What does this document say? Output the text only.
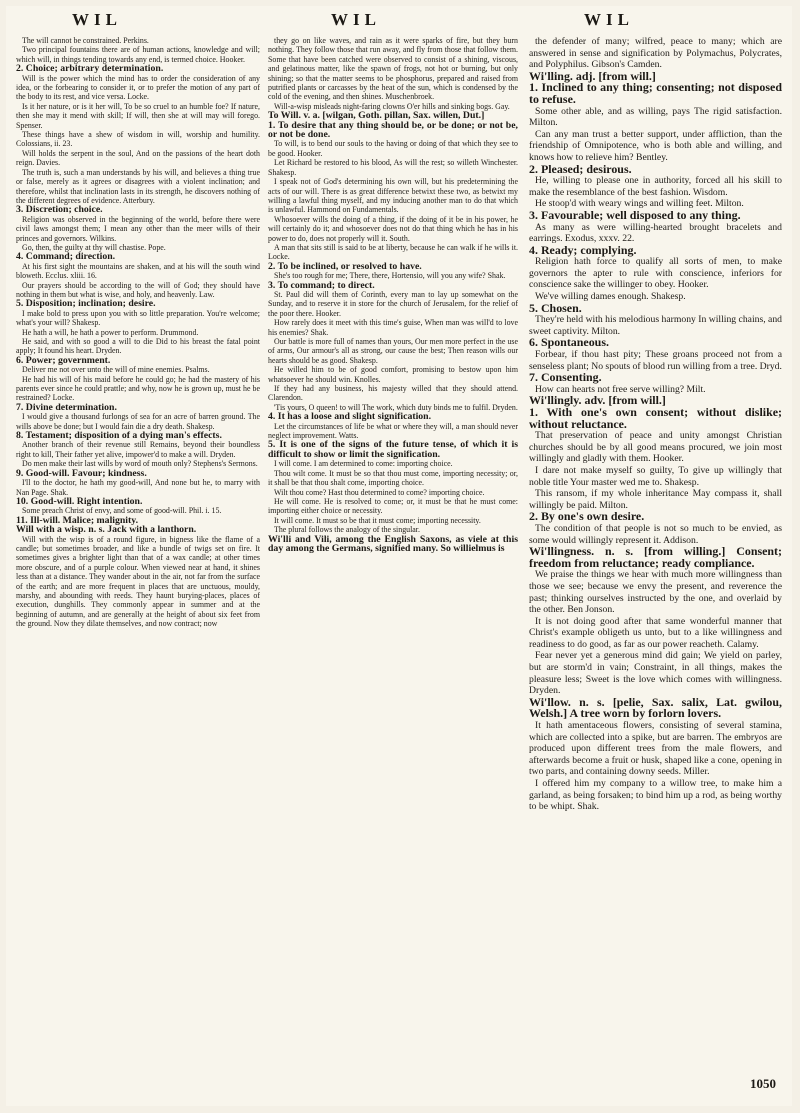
WIL	WIL	WIL

The will cannot be constrained. Perkins.

Two principal fountains there are of human actions, knowledge and will; which will, in things tending towards any end, is termed choice. Hooker.

2. Choice; arbitrary determination.

Will is the power which the mind has to order the consideration of any idea, or the forbearing to consider it, or to prefer the motion of any part of the body to its rest, and vice versa. Locke.

Is it her nature, or is it her will, To be so cruel to an humble foe? If nature, then she may it mend with skill; If will, then she at will may will forego. Spenser.

These things have a shew of wisdom in will, worship and humility. Colossians, ii. 23.

Will holds the serpent in the soul, And on the passions of the heart doth reign. Davies.

The truth is, such a man understands by his will, and believes a thing true or false, merely as it agrees or disagrees with a violent inclination; and therefore, whilst that inclination lasts in its strength, he discovers nothing of the different degrees of evidence. Atterbury.

3. Discretion; choice.

Religion was observed in the beginning of the world, before there were civil laws amongst them; I mean any other than the meer wills of their princes and governors. Wilkins.

Go, then, the guilty at thy will chastise. Pope.

4. Command; direction.

At his first sight the mountains are shaken, and at his will the south wind bloweth. Ecclus. xliii. 16.

Our prayers should be according to the will of God; they should have nothing in them but what is wise, and holy, and heavenly. Law.

5. Disposition; inclination; desire.

I make bold to press upon you with so little preparation. You're welcome; what's your will? Shakesp.

He hath a will, he hath a power to perform. Drummond.

He said, and with so good a will to die Did to his breast the fatal point apply; It found his heart. Dryden.

6. Power; government.

Deliver me not over unto the will of mine enemies. Psalms.

He had his will of his maid before he could go; he had the mastery of his parents ever since he could prattle; and why, now he is grown up, must he be restrained? Locke.

7. Divine determination.

I would give a thousand furlongs of sea for an acre of barren ground. The wills above be done; but I would fain die a dry death. Shakesp.

8. Testament; disposition of a dying man's effects.

Another branch of their revenue still Remains, beyond their boundless right to kill, Their father yet alive, impower'd to make a will. Dryden.

Do men make their last wills by word of mouth only? Stephens's Sermons.

9. Good-will. Favour; kindness.

I'll to the doctor, he hath my good-will, And none but he, to marry with Nan Page. Shak.

10. Good-will. Right intention.

Some preach Christ of envy, and some of good-will. Phil. i. 15.

11. Ill-will. Malice; malignity.

Will with a wisp. n. s. Jack with a lanthorn.

Will with the wisp is of a round figure, in bigness like the flame of a candle; but sometimes broader, and like a bundle of twigs set on fire. It sometimes gives a brighter light than that of a wax candle; at other times more obscure, and of a purple colour. When viewed near at hand, it shines less than at a distance. They wander about in the air, not far from the surface of the earth; and are more frequent in places that are unctuous, mouldy, marshy, and abounding with reeds. They haunt burying-places, places of execution, dunghills. They commonly appear in summer and at the beginning of autumn, and are generally at the height of about six feet from the ground. Now they dilate themselves, and now contract; now

they go on like waves, and rain as it were sparks of fire, but they burn nothing. They follow those that run away, and fly from those that follow them. Some that have been catched were observed to consist of a shining, viscous, and gelatinous matter, like the spawn of frogs, not hot or burning, but only shining; so that the matter seems to be phosphorus, prepared and raised from putrified plants or carcasses by the heat of the sun, which is condensed by the cold of the evening, and then shines. Muschenbroek.

Will-a-wisp misleads night-faring clowns O'er hills and sinking bogs. Gay.

To Will. v. a. [wilgan, Goth. pillan, Sax. willen, Dut.]

1. To desire that any thing should be, or be done; or not be, or not be done.

To will, is to bend our souls to the having or doing of that which they see to be good. Hooker.

Let Richard be restored to his blood, As will the rest; so willeth Winchester. Shakesp.

I speak not of God's determining his own will, but his predetermining the acts of our will. There is as great difference betwixt these two, as betwixt my willing a lawful thing myself, and my inducing another man to do that which is unlawful. Hammond on Fundamentals.

Whosoever wills the doing of a thing, if the doing of it be in his power, he will certainly do it; and whosoever does not do that thing which he has in his power to do, does not properly will it. South.

A man that sits still is said to be at liberty, because he can walk if he wills it. Locke.

2. To be inclined, or resolved to have.

She's too rough for me; There, there, Hortensio, will you any wife? Shak.

3. To command; to direct.

St. Paul did will them of Corinth, every man to lay up somewhat on the Sunday, and to reserve it in store for the church of Jerusalem, for the relief of the poor there. Hooker.

How rarely does it meet with this time's guise, When man was will'd to love his enemies? Shak.

Our battle is more full of names than yours, Our men more perfect in the use of arms, Our armour's all as strong, our cause the best; Then reason wills our hearts should be as good. Shakesp.

He willed him to be of good comfort, promising to bestow upon him whatsoever he should win. Knolles.

If they had any business, his majesty willed that they should attend. Clarendon.

'Tis yours, O queen! to will The work, which duty binds me to fulfil. Dryden.

4. It has a loose and slight signification.

Let the circumstances of life be what or where they will, a man should never neglect improvement. Watts.

5. It is one of the signs of the future tense, of which it is difficult to show or limit the signification.

I will come. I am determined to come: importing choice.

Thou wilt come. It must be so that thou must come, importing necessity; or, it shall be that thou shalt come, importing choice.

Wilt thou come? Hast thou determined to come? importing choice.

He will come. He is resolved to come; or, it must be that he must come: importing either choice or necessity.

It will come. It must so be that it must come; importing necessity.

The plural follows the analogy of the singular.

Wi'lli and Vili, among the English Saxons, as viele at this day among the Germans, signified many. So willielmus is

the defender of many; wilfred, peace to many; which are answered in sense and signification by Polymachus, Polycrates, and Polyphilus. Gibson's Camden.

Wi'lling. adj. [from will.]

1. Inclined to any thing; consenting; not disposed to refuse.

Some other able, and as willing, pays The rigid satisfaction. Milton.

Can any man trust a better support, under affliction, than the friendship of Omnipotence, who is both able and willing, and knows how to relieve him? Bentley.

2. Pleased; desirous.

He, willing to please one in authority, forced all his skill to make the resemblance of the best fashion. Wisdom.

He stoop'd with weary wings and willing feet. Milton.

3. Favourable; well disposed to any thing.

As many as were willing-hearted brought bracelets and earrings. Exodus, xxxv. 22.

4. Ready; complying.

Religion hath force to qualify all sorts of men, to make governors the apter to rule with conscience, inferiors for conscience sake the willinger to obey. Hooker.

We've willing dames enough. Shakesp.

5. Chosen.

They're held with his melodious harmony In willing chains, and sweet captivity. Milton.

6. Spontaneous.

Forbear, if thou hast pity; These groans proceed not from a senseless plant; No spouts of blood run willing from a tree. Dryd.

7. Consenting.

How can hearts not free serve willing? Milt.

Wi'llingly. adv. [from will.]

1. With one's own consent; without dislike; without reluctance.

That preservation of peace and unity amongst Christian churches should be by all good means procured, we join most willingly and gladly with them. Hooker.

I dare not make myself so guilty, To give up willingly that noble title Your master wed me to. Shakesp.

This ransom, if my whole inheritance May compass it, shall willingly be paid. Milton.

2. By one's own desire.

The condition of that people is not so much to be envied, as some would willingly represent it. Addison.

Wi'llingness. n. s. [from willing.] Consent; freedom from reluctance; ready compliance.

We praise the things we hear with much more willingness than those we see; because we envy the present, and reverence the past; thinking ourselves instructed by the one, and overlaid by the other. Ben Jonson.

It is not doing good after that same wonderful manner that Christ's example obligeth us unto, but to a like willingness and readiness to do good, as far as our power reacheth. Calamy.

Fear never yet a generous mind did gain; We yield on parley, but are storm'd in vain; Constraint, in all things, makes the pleasure less; Sweet is the love which comes with willingness. Dryden.

Wi'llow. n. s. [pelie, Sax. salix, Lat. gwilou, Welsh.] A tree worn by forlorn lovers.

It hath amentaceous flowers, consisting of several stamina, which are collected into a spike, but are barren. The embryos are produced upon different trees from the male flowers, and afterwards become a fruit or husk, shaped like a cone, opening in two parts, and containing downy seeds. Miller.

I offered him my company to a willow tree, to make him a garland, as being forsaken; to bind him up a rod, as being worthy to be whipt. Shak.

1050
